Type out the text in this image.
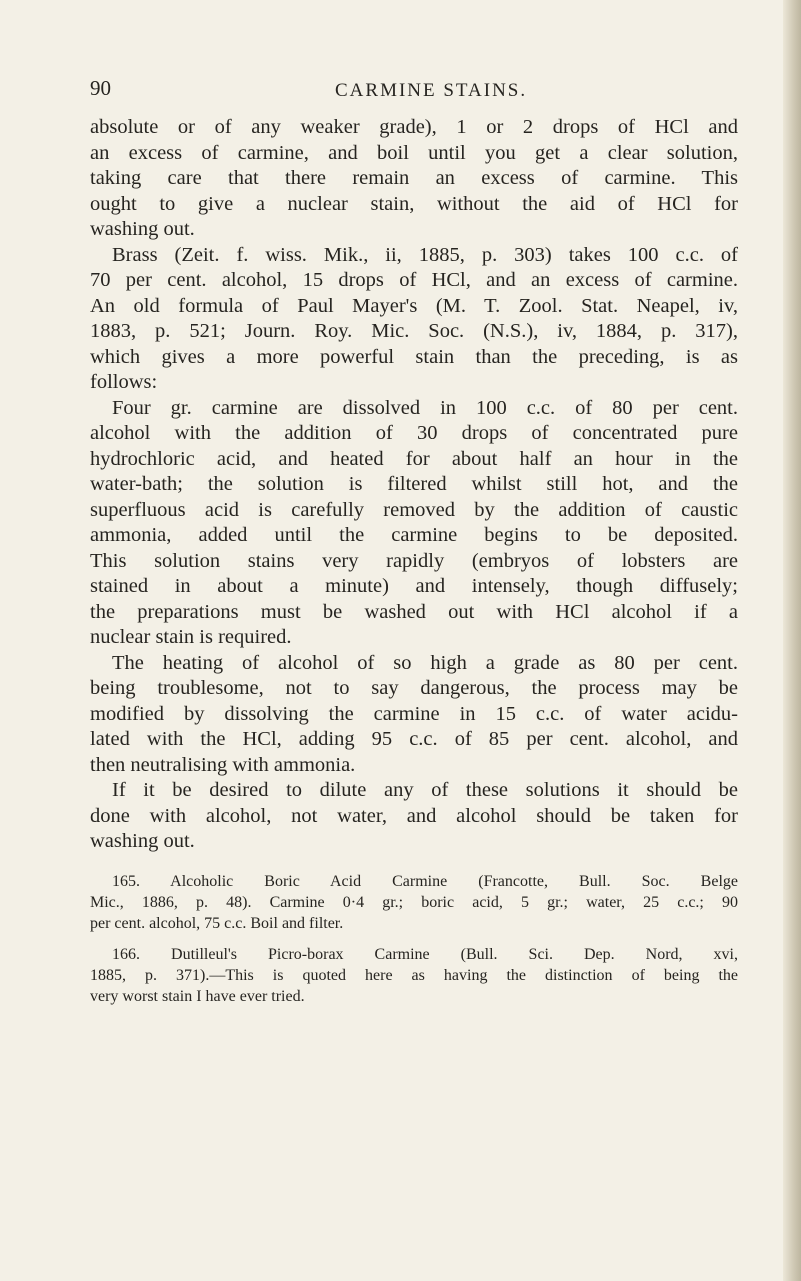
90	CARMINE STAINS.
absolute or of any weaker grade), 1 or 2 drops of HCl and
an excess of carmine, and boil until you get a clear solution,
taking care that there remain an excess of carmine. This
ought to give a nuclear stain, without the aid of HCl for
washing out.
Brass (Zeit. f. wiss. Mik., ii, 1885, p. 303) takes 100 c.c. of
70 per cent. alcohol, 15 drops of HCl, and an excess of carmine.
An old formula of Paul Mayer's (M. T. Zool. Stat. Neapel, iv,
1883, p. 521; Journ. Roy. Mic. Soc. (N.S.), iv, 1884, p. 317),
which gives a more powerful stain than the preceding, is as
follows:
Four gr. carmine are dissolved in 100 c.c. of 80 per cent.
alcohol with the addition of 30 drops of concentrated pure
hydrochloric acid, and heated for about half an hour in the
water-bath; the solution is filtered whilst still hot, and the
superfluous acid is carefully removed by the addition of caustic
ammonia, added until the carmine begins to be deposited.
This solution stains very rapidly (embryos of lobsters are
stained in about a minute) and intensely, though diffusely;
the preparations must be washed out with HCl alcohol if a
nuclear stain is required.
The heating of alcohol of so high a grade as 80 per cent.
being troublesome, not to say dangerous, the process may be
modified by dissolving the carmine in 15 c.c. of water acidu-
lated with the HCl, adding 95 c.c. of 85 per cent. alcohol, and
then neutralising with ammonia.
If it be desired to dilute any of these solutions it should be
done with alcohol, not water, and alcohol should be taken for
washing out.
165. Alcoholic Boric Acid Carmine (Francotte, Bull. Soc. Belge
Mic., 1886, p. 48). Carmine 0·4 gr.; boric acid, 5 gr.; water, 25 c.c.; 90
per cent. alcohol, 75 c.c. Boil and filter.
166. Dutilleul's Picro-borax Carmine (Bull. Sci. Dep. Nord, xvi,
1885, p. 371).—This is quoted here as having the distinction of being the
very worst stain I have ever tried.
